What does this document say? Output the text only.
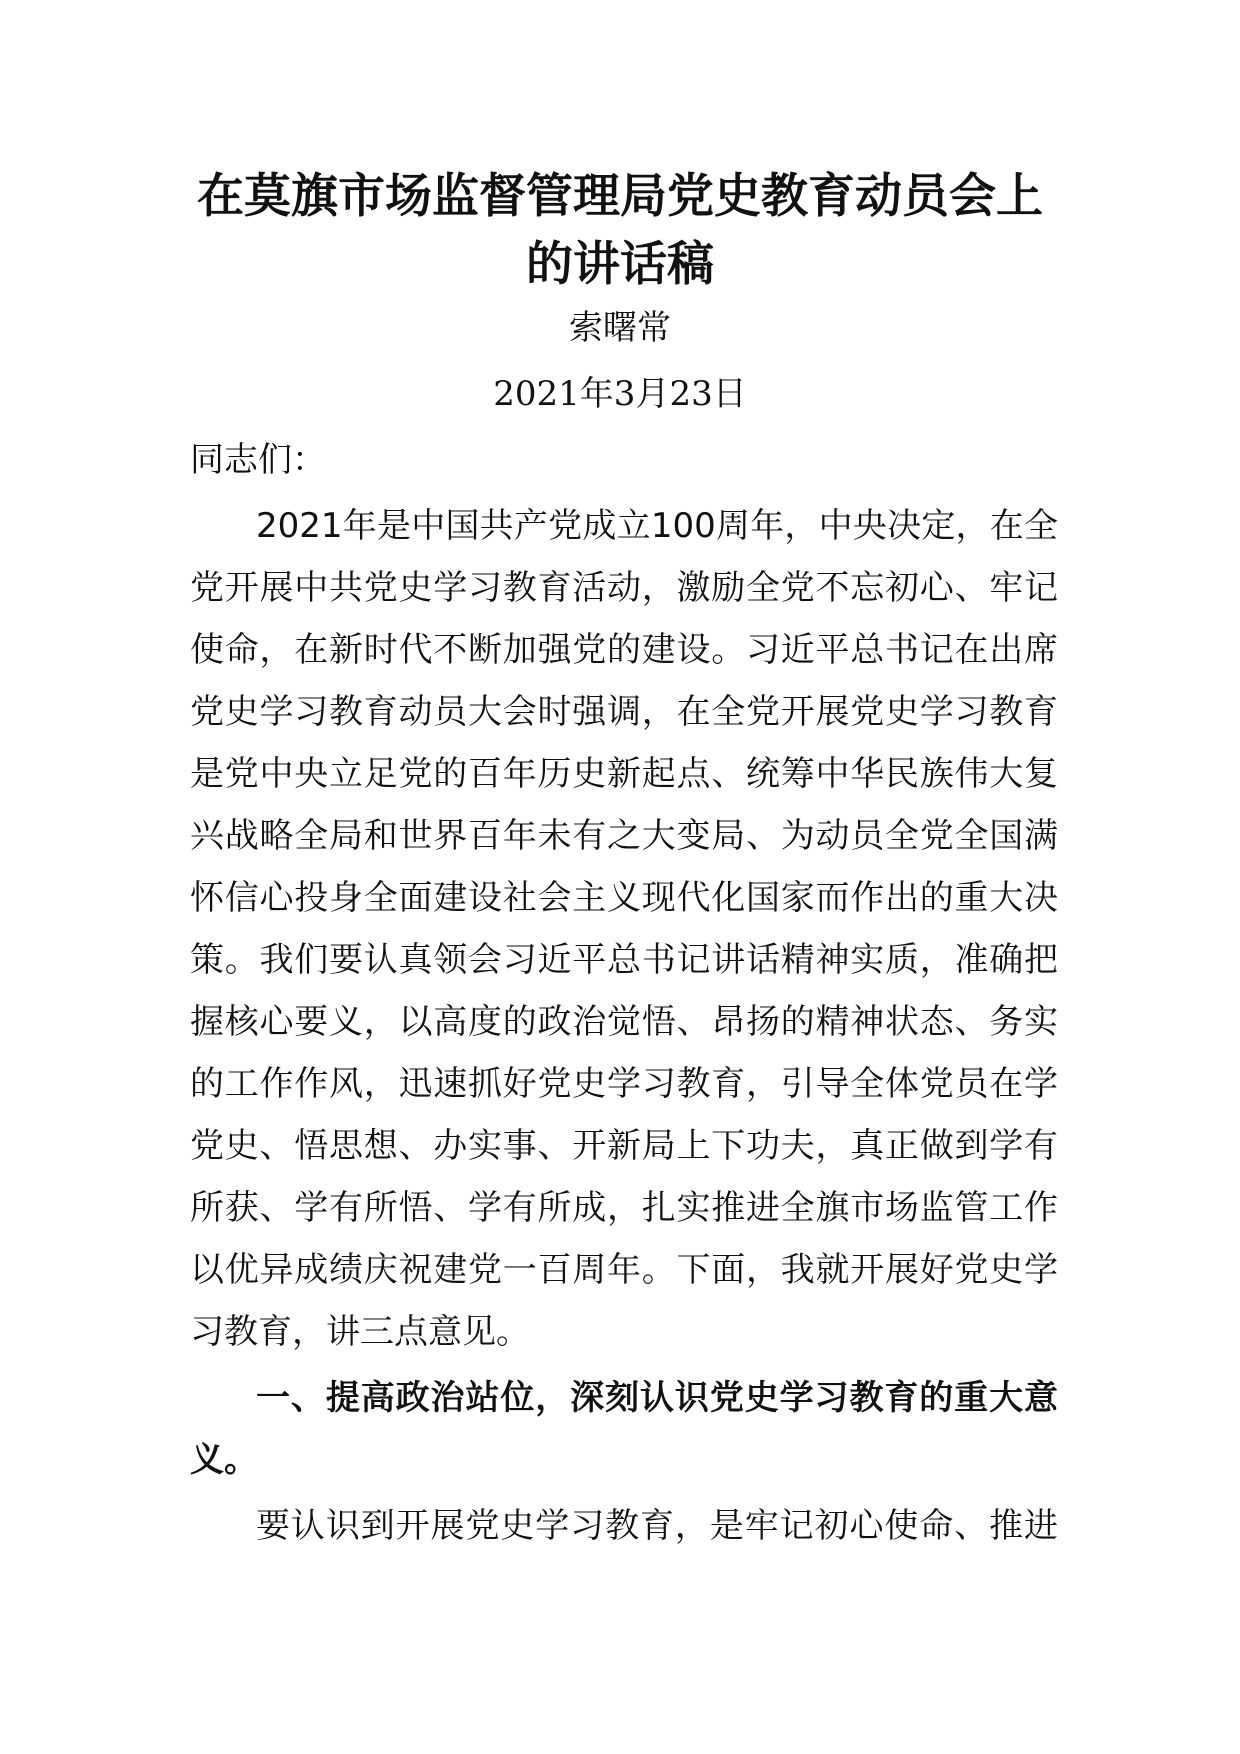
在莫旗市场监督管理局党史教育动员会上
的讲话稿

索曙常

2021年3月23日

同志们：

2021年是中国共产党成立100周年，中央决定，在全

党开展中共党史学习教育活动，激励全党不忘初心、牢记

使命，在新时代不断加强党的建设。习近平总书记在出席

党史学习教育动员大会时强调，在全党开展党史学习教育

是党中央立足党的百年历史新起点、统筹中华民族伟大复

兴战略全局和世界百年未有之大变局、为动员全党全国满

怀信心投身全面建设社会主义现代化国家而作出的重大决

策。我们要认真领会习近平总书记讲话精神实质，准确把

握核心要义，以高度的政治觉悟、昂扬的精神状态、务实

的工作作风，迅速抓好党史学习教育，引导全体党员在学

党史、悟思想、办实事、开新局上下功夫，真正做到学有

所获、学有所悟、学有所成，扎实推进全旗市场监管工作

以优异成绩庆祝建党一百周年。下面，我就开展好党史学

习教育，讲三点意见。

一、提高政治站位，深刻认识党史学习教育的重大意

义。

要认识到开展党史学习教育，是牢记初心使命、推进
